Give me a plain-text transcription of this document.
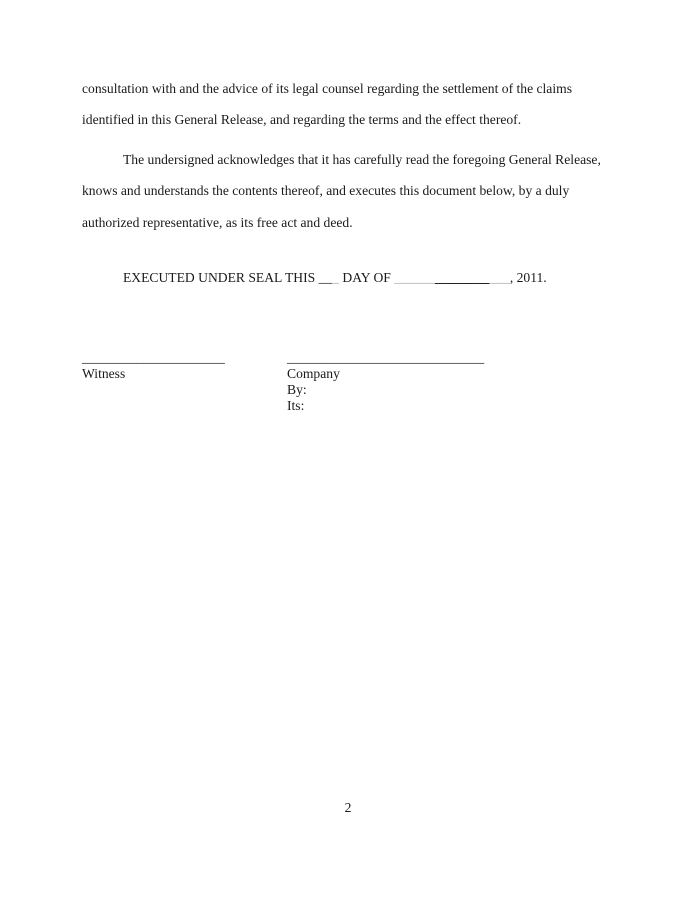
consultation with and the advice of its legal counsel regarding the settlement of the claims identified in this General Release, and regarding the terms and the effect thereof.

The undersigned acknowledges that it has carefully read the foregoing General Release, knows and understands the contents thereof, and executes this document below, by a duly authorized representative, as its free act and deed.

EXECUTED UNDER SEAL THIS ___ DAY OF _________________, 2011.

_____________________
Witness
_____________________________
Company
By:
Its:
2
